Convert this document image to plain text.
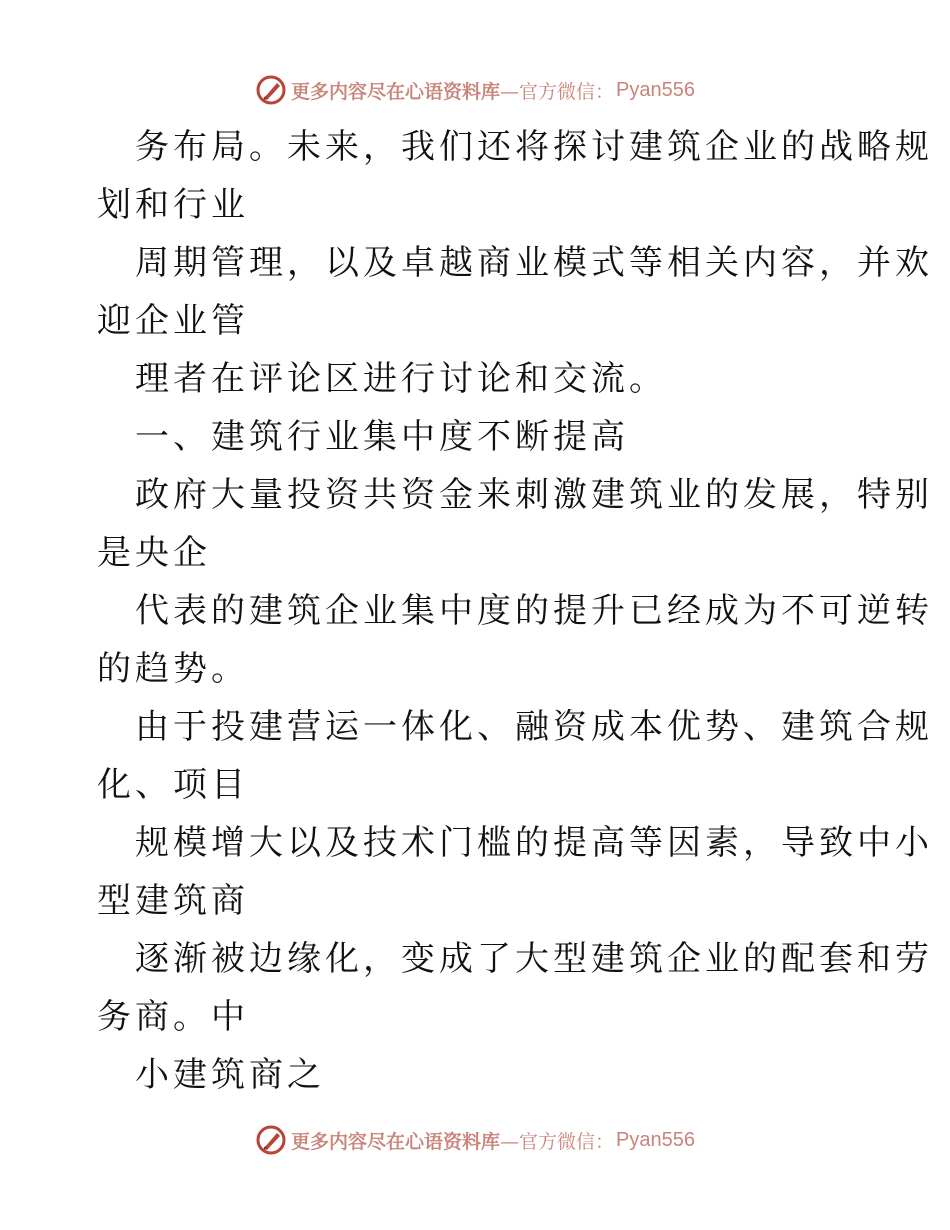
更多内容尽在心语资料库 —官方微信： Pyan556
务布局。未来，我们还将探讨建筑企业的战略规
划和行业
周期管理，以及卓越商业模式等相关内容，并欢
迎企业管
理者在评论区进行讨论和交流。
一、建筑行业集中度不断提高
政府大量投资共资金来刺激建筑业的发展，特别
是央企
代表的建筑企业集中度的提升已经成为不可逆转
的趋势。
由于投建营运一体化、融资成本优势、建筑合规
化、项目
规模增大以及技术门槛的提高等因素，导致中小
型建筑商
逐渐被边缘化，变成了大型建筑企业的配套和劳
务商。中
小建筑商之
更多内容尽在心语资料库 —官方微信： Pyan556
